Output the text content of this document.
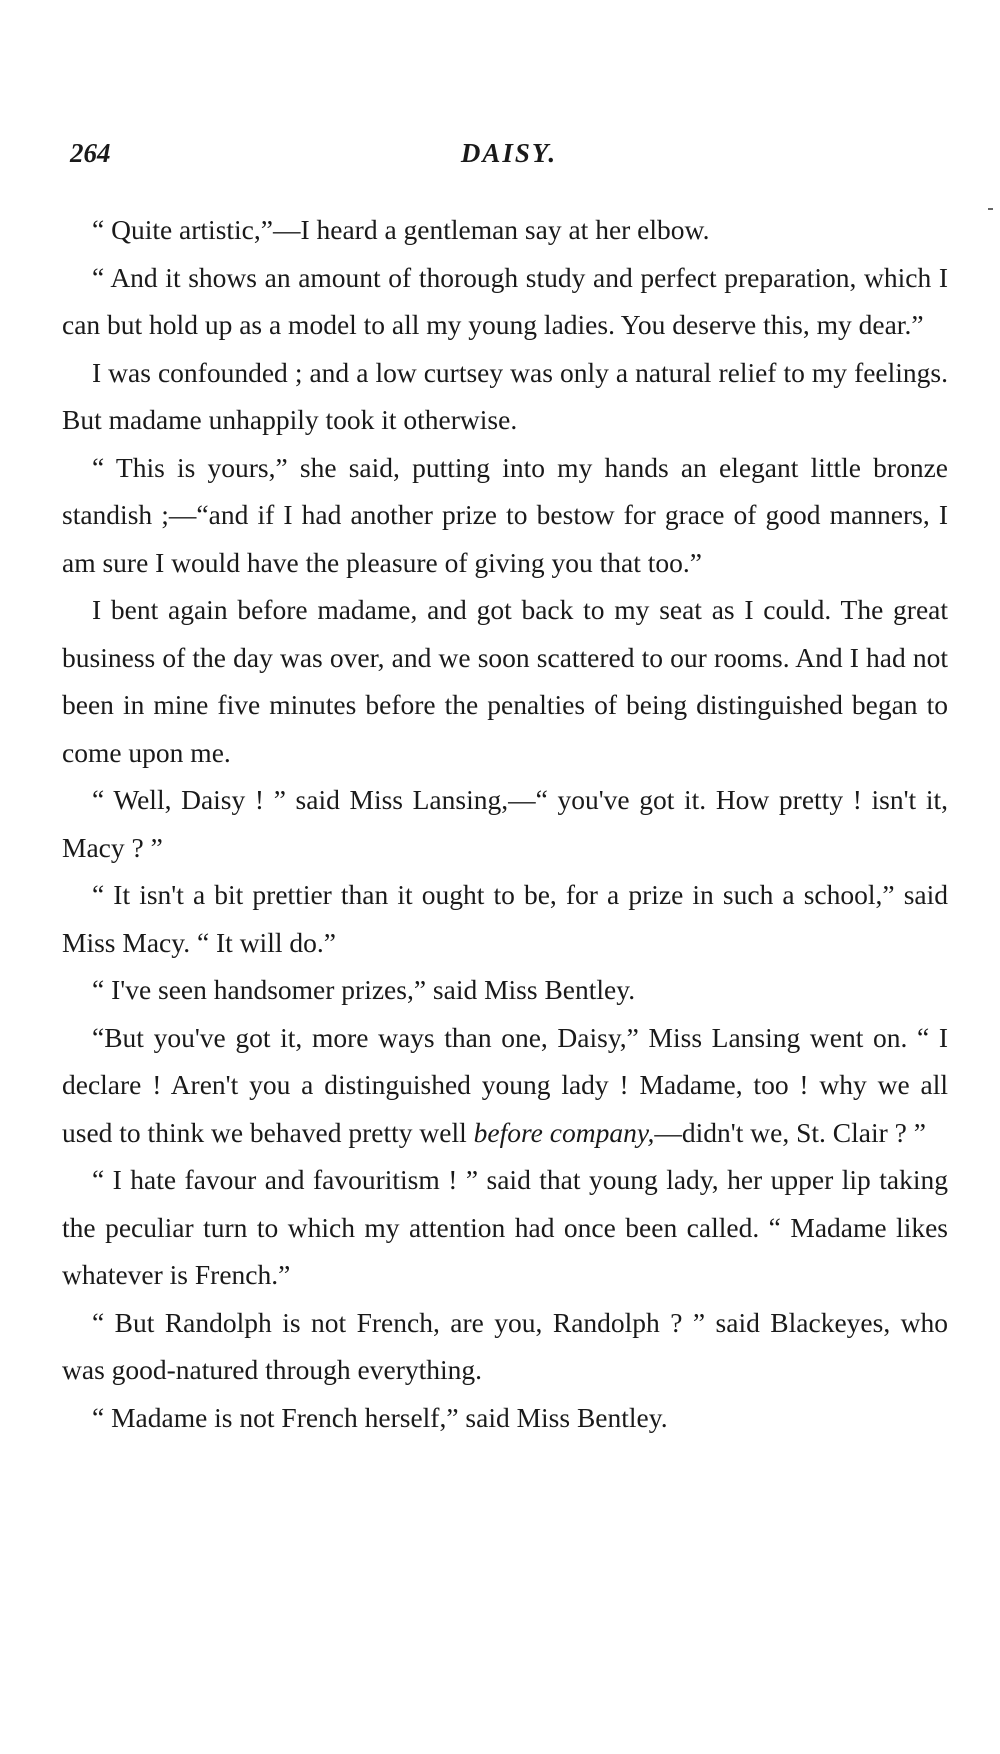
264	DAISY.

“ Quite artistic,”—I heard a gentleman say at her elbow.

“ And it shows an amount of thorough study and perfect preparation, which I can but hold up as a model to all my young ladies. You deserve this, my dear.”

I was confounded ; and a low curtsey was only a natural relief to my feelings. But madame unhappily took it otherwise.

“ This is yours,” she said, putting into my hands an elegant little bronze standish ;—“and if I had another prize to bestow for grace of good manners, I am sure I would have the pleasure of giving you that too.”

I bent again before madame, and got back to my seat as I could. The great business of the day was over, and we soon scattered to our rooms. And I had not been in mine five minutes before the penalties of being distinguished began to come upon me.

“ Well, Daisy ! ” said Miss Lansing,—“ you've got it. How pretty ! isn't it, Macy ? ”

“ It isn't a bit prettier than it ought to be, for a prize in such a school,” said Miss Macy. “ It will do.”

“ I've seen handsomer prizes,” said Miss Bentley.

“But you've got it, more ways than one, Daisy,” Miss Lansing went on. “ I declare ! Aren't you a distinguished young lady ! Madame, too ! why we all used to think we behaved pretty well before company,—didn't we, St. Clair ? ”

“ I hate favour and favouritism ! ” said that young lady, her upper lip taking the peculiar turn to which my attention had once been called. “ Madame likes whatever is French.”

“ But Randolph is not French, are you, Randolph ? ” said Blackeyes, who was good-natured through everything.

“ Madame is not French herself,” said Miss Bentley.
